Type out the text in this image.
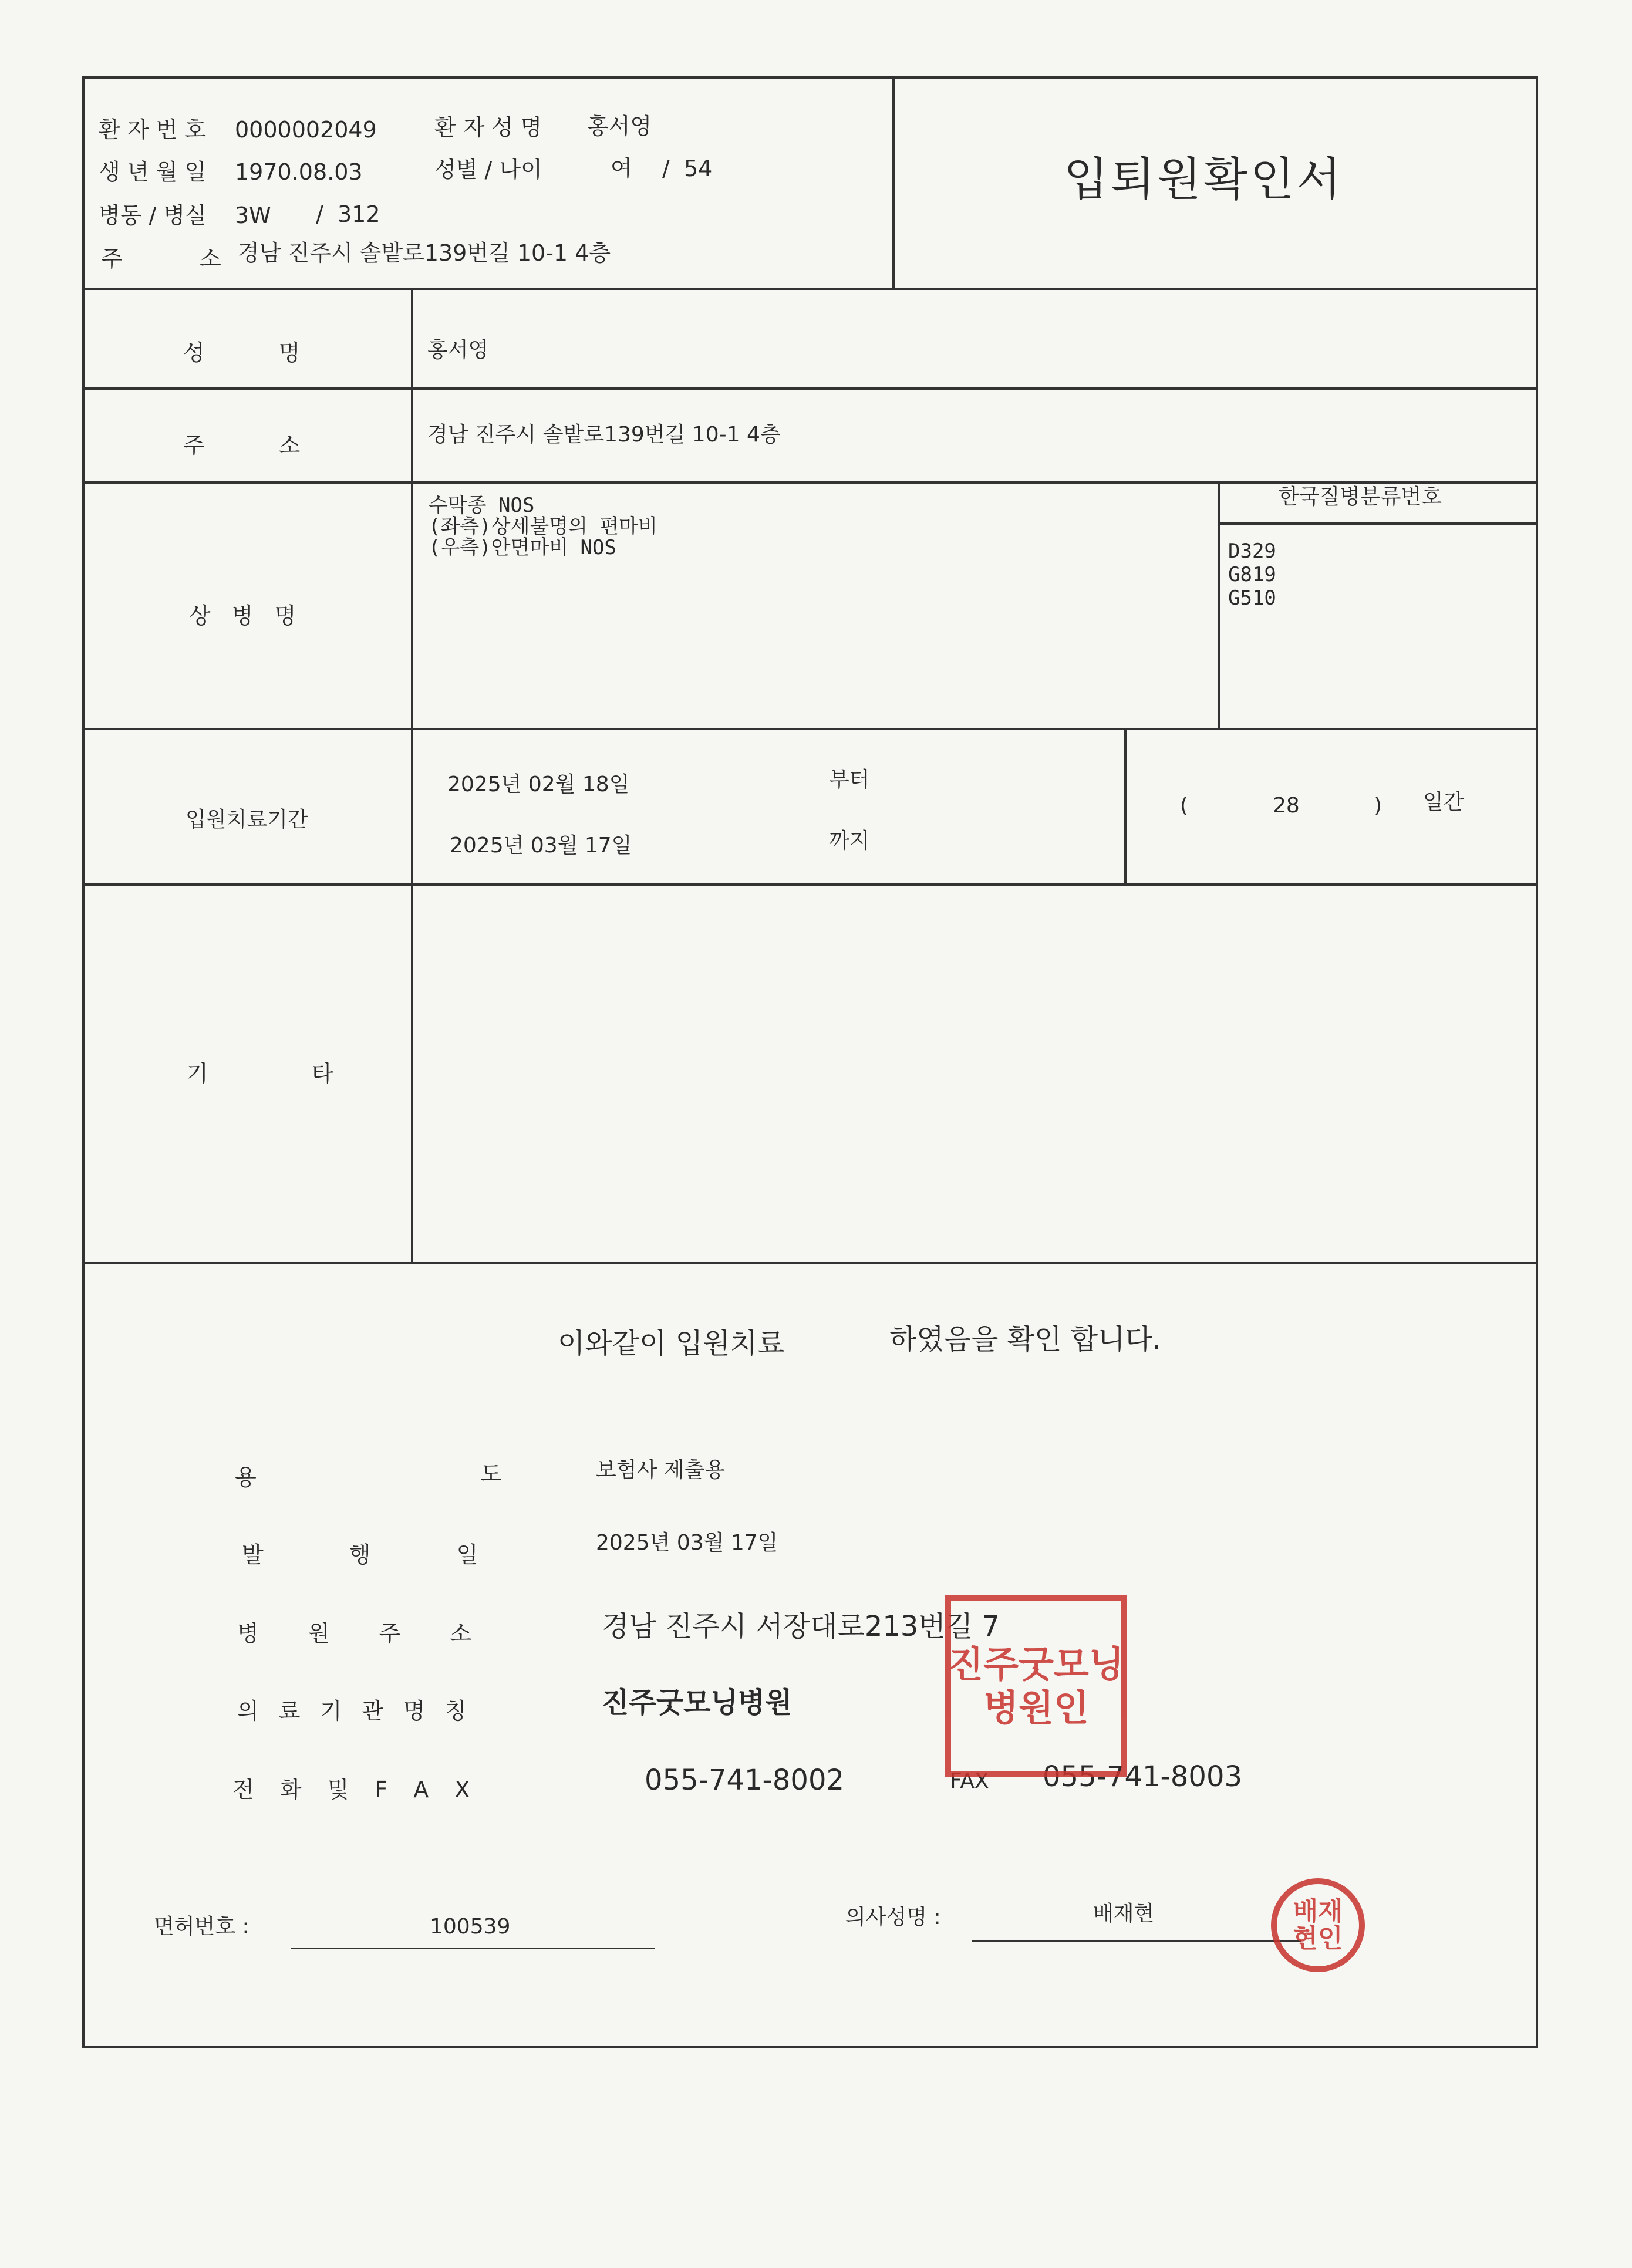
환 자 번 호 0000002049	환 자 성 명 홍서영
생 년 월 일 1970.08.03	성별 / 나이	여 / 54
병동 / 병실 3W / 312
주	소 경남 진주시 솔밭로139번길 10-1 4층
입퇴원확인서
성 명	홍서영
주 소	경남 진주시 솔밭로139번길 10-1 4층
상 병 명
수막종 NOS
(좌측)상세불명의 편마비
(우측)안면마비 NOS
한국질병분류번호
D329
G819
G510
입원치료기간
2025년 02월 18일	부터
2025년 03월 17일	까지
(	28	) 일간
기 타
이와같이 입원치료	하였음을 확인 합니다.
용	도	보험사 제출용
발 행 일	2025년 03월 17일
병 원 주 소	경남 진주시 서장대로213번길 7
의 료 기 관 명 칭	진주굿모닝병원
전 화 및 F A X	055-741-8002	FAX 055-741-8003
진주굿모닝
병원인
면허번호 :	100539	의사성명 :	배재현	배재
현인
